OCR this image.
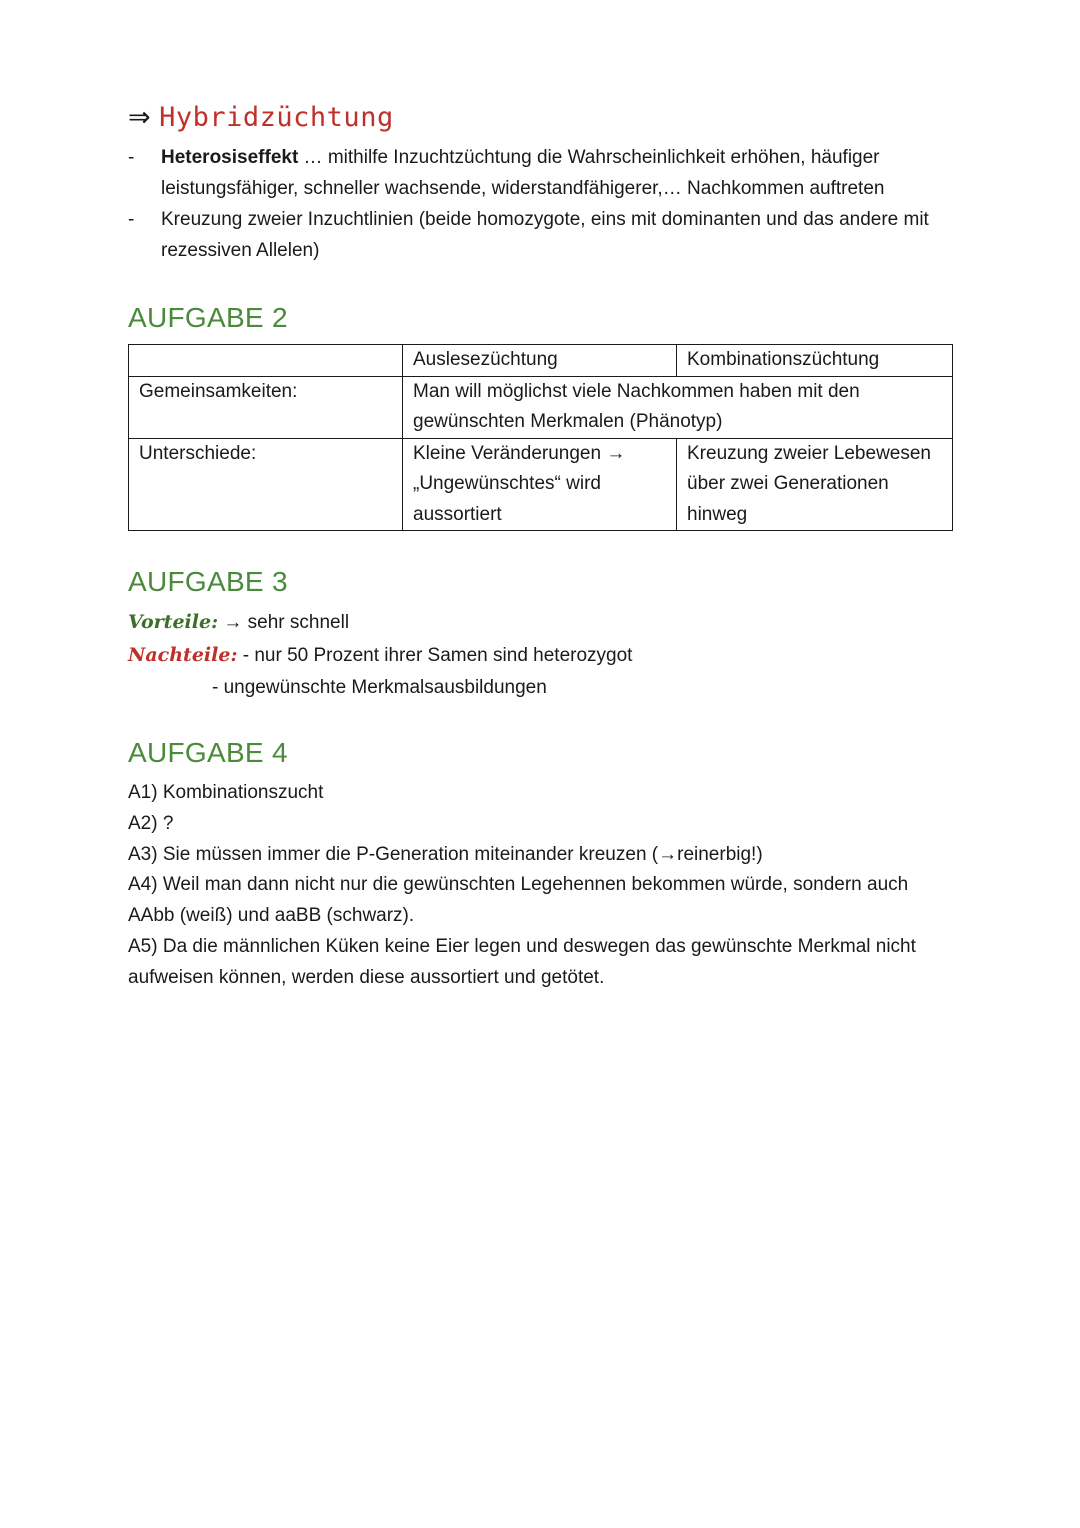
⇒ Hybridzüchtung
- Heterosiseffekt … mithilfe Inzuchtzüchtung die Wahrscheinlichkeit erhöhen, häufiger leistungsfähiger, schneller wachsende, widerstandfähigerer,… Nachkommen auftreten
- Kreuzung zweier Inzuchtlinien (beide homozygote, eins mit dominanten und das andere mit rezessiven Allelen)
AUFGABE 2
	Auslesezüchtung	Kombinationszüchtung
Gemeinsamkeiten:	Man will möglichst viele Nachkommen haben mit den gewünschten Merkmalen (Phänotyp)	
Unterschiede:	Kleine Veränderungen → „Ungewünschtes“ wird aussortiert	Kreuzung zweier Lebewesen über zwei Generationen hinweg
AUFGABE 3
Vorteile: → sehr schnell
Nachteile: - nur 50 Prozent ihrer Samen sind heterozygot
- ungewünschte Merkmalsausbildungen
AUFGABE 4
A1) Kombinationszucht
A2) ?
A3) Sie müssen immer die P-Generation miteinander kreuzen (→reinerbig!)
A4) Weil man dann nicht nur die gewünschten Legehennen bekommen würde, sondern auch AAbb (weiß) und aaBB (schwarz).
A5) Da die männlichen Küken keine Eier legen und deswegen das gewünschte Merkmal nicht aufweisen können, werden diese aussortiert und getötet.
